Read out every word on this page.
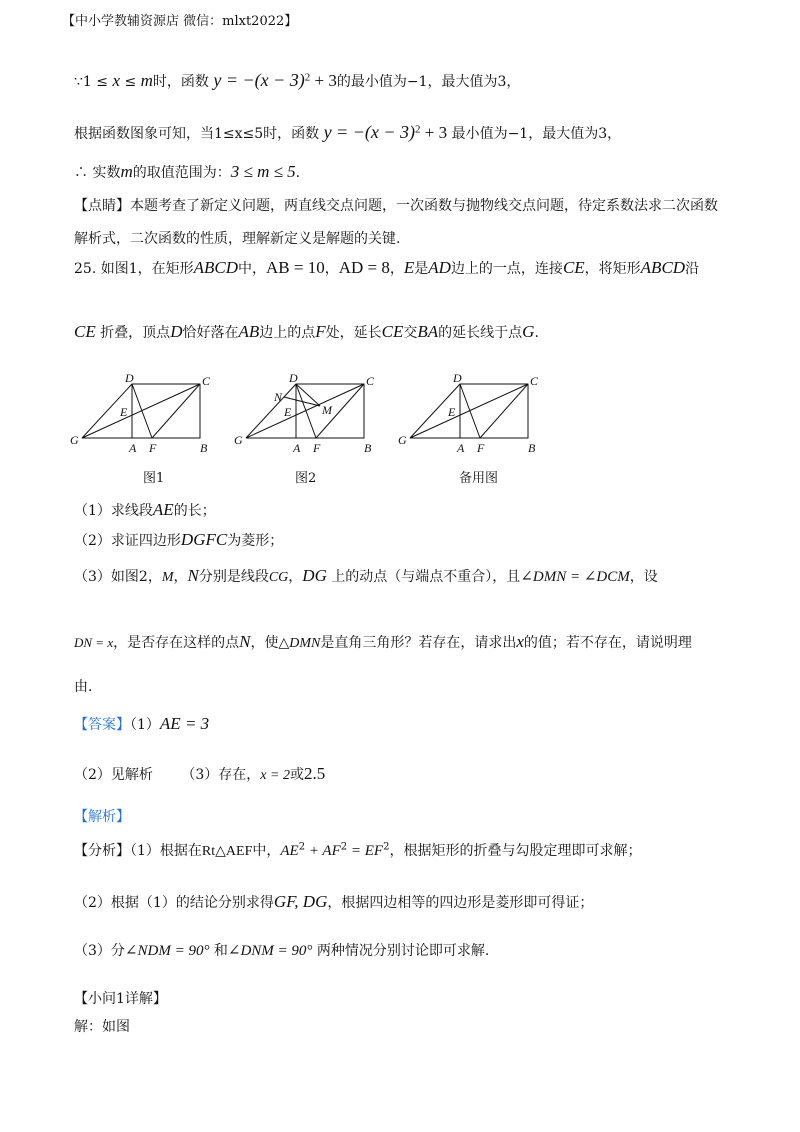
【中小学教辅资源店 微信：mlxt2022】
∵1 ≤ x ≤ m时，函数 $y = -(x - 3)^2 + 3$的最小值为−1，最大值为3，
根据函数图象可知，当1≤x≤5时，函数 $y = -(x - 3)^2 + 3$ 最小值为−1，最大值为3，
∴ 实数m的取值范围为：3 ≤ m ≤ 5.
【点睛】本题考查了新定义问题，两直线交点问题，一次函数与抛物线交点问题，待定系数法求二次函数
解析式，二次函数的性质，理解新定义是解题的关键.
25. 如图1，在矩形ABCD中，AB = 10，AD = 8，E是AD边上的一点，连接CE，将矩形ABCD沿
CE 折叠，顶点D恰好落在AB边上的点F处，延长CE交BA的延长线于点G.
D	C
E
G
A F	B
图1
D	C
N
E	M
G
A F	B
图2
D	C
E
G
A F	B
备用图
（1）求线段AE的长；
（2）求证四边形DGFC为菱形；
（3）如图2，M，N分别是线段CG，DG 上的动点（与端点不重合），且∠DMN = ∠DCM，设
DN = x，是否存在这样的点N，使△DMN是直角三角形？若存在，请求出x的值；若不存在，请说明理
由.
【答案】（1）AE = 3
（2）见解析 （3）存在，x = 2或2.5
【解析】
【分析】（1）根据在Rt△AEF中，$AE^2 + AF^2 = EF^2$，根据矩形的折叠与勾股定理即可求解；
（2）根据（1）的结论分别求得GF, DG，根据四边相等的四边形是菱形即可得证；
（3）分∠NDM = 90° 和∠DNM = 90° 两种情况分别讨论即可求解.
【小问1详解】
解：如图
